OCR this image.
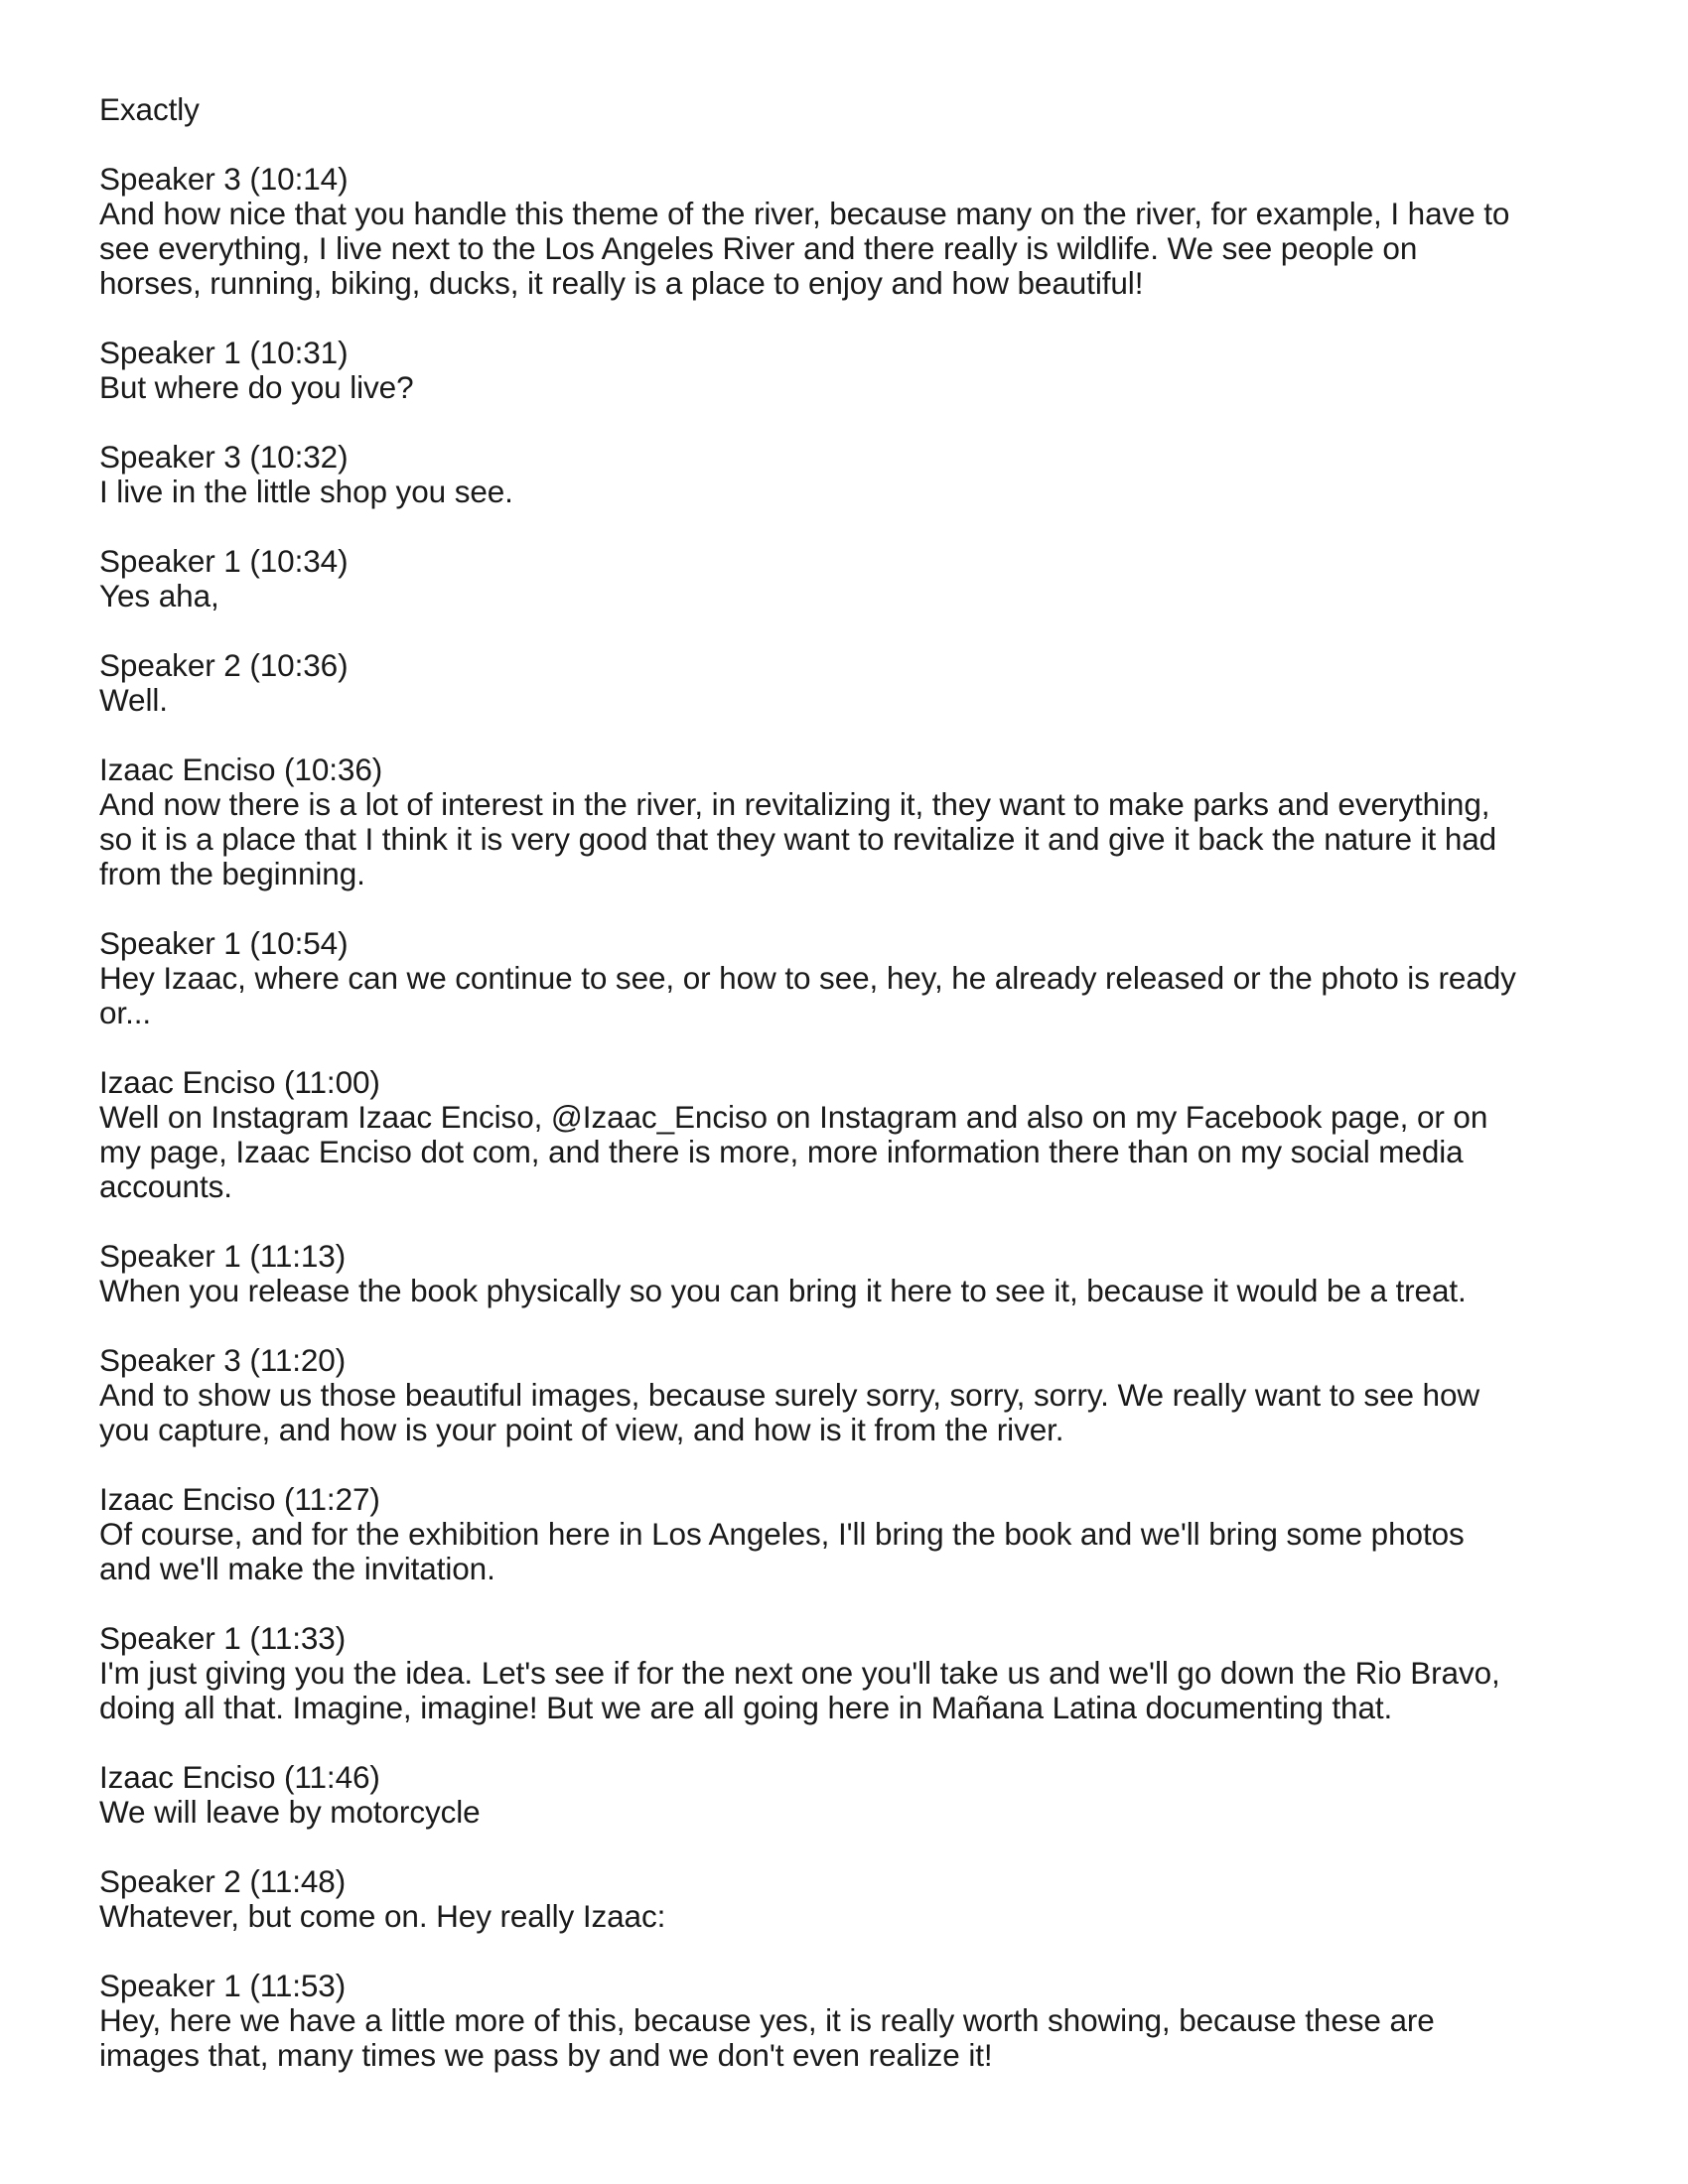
Exactly

Speaker 3 (10:14)

And how nice that you handle this theme of the river, because many on the river, for example, I have to

see everything, I live next to the Los Angeles River and there really is wildlife. We see people on

horses, running, biking, ducks, it really is a place to enjoy and how beautiful!

Speaker 1 (10:31)

But where do you live?

Speaker 3 (10:32)

I live in the little shop you see.

Speaker 1 (10:34)

Yes aha,

Speaker 2 (10:36)

Well.

Izaac Enciso (10:36)

And now there is a lot of interest in the river, in revitalizing it, they want to make parks and everything,

so it is a place that I think it is very good that they want to revitalize it and give it back the nature it had

from the beginning.

Speaker 1 (10:54)

Hey Izaac, where can we continue to see, or how to see, hey, he already released or the photo is ready

or...

Izaac Enciso (11:00)

Well on Instagram Izaac Enciso, @Izaac_Enciso on Instagram and also on my Facebook page, or on

my page, Izaac Enciso dot com, and there is more, more information there than on my social media

accounts.

Speaker 1 (11:13)

When you release the book physically so you can bring it here to see it, because it would be a treat.

Speaker 3 (11:20)

And to show us those beautiful images, because surely sorry, sorry, sorry. We really want to see how

you capture, and how is your point of view, and how is it from the river.

Izaac Enciso (11:27)

Of course, and for the exhibition here in Los Angeles, I'll bring the book and we'll bring some photos

and we'll make the invitation.

Speaker 1 (11:33)

I'm just giving you the idea. Let's see if for the next one you'll take us and we'll go down the Rio Bravo,

doing all that. Imagine, imagine! But we are all going here in Mañana Latina documenting that.

Izaac Enciso (11:46)

We will leave by motorcycle

Speaker 2 (11:48)

Whatever, but come on. Hey really Izaac:

Speaker 1 (11:53)

Hey, here we have a little more of this, because yes, it is really worth showing, because these are

images that, many times we pass by and we don't even realize it!
